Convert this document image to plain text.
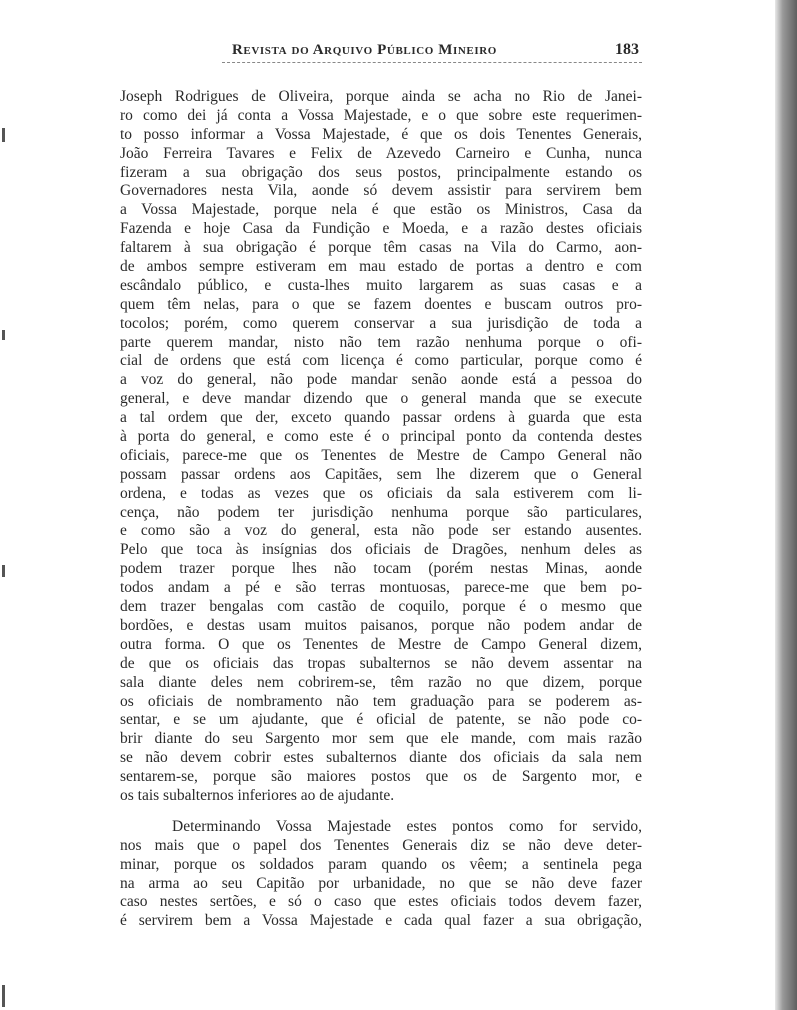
Revista do Arquivo Público Mineiro	183
Joseph Rodrigues de Oliveira, porque ainda se acha no Rio de Janei-
ro como dei já conta a Vossa Majestade, e o que sobre este requerimen-
to posso informar a Vossa Majestade, é que os dois Tenentes Generais,
João Ferreira Tavares e Felix de Azevedo Carneiro e Cunha, nunca
fizeram a sua obrigação dos seus postos, principalmente estando os
Governadores nesta Vila, aonde só devem assistir para servirem bem
a Vossa Majestade, porque nela é que estão os Ministros, Casa da
Fazenda e hoje Casa da Fundição e Moeda, e a razão destes oficiais
faltarem à sua obrigação é porque têm casas na Vila do Carmo, aon-
de ambos sempre estiveram em mau estado de portas a dentro e com
escândalo público, e custa-lhes muito largarem as suas casas e a
quem têm nelas, para o que se fazem doentes e buscam outros pro-
tocolos; porém, como querem conservar a sua jurisdição de toda a
parte querem mandar, nisto não tem razão nenhuma porque o ofi-
cial de ordens que está com licença é como particular, porque como é
a voz do general, não pode mandar senão aonde está a pessoa do
general, e deve mandar dizendo que o general manda que se execute
a tal ordem que der, exceto quando passar ordens à guarda que esta
à porta do general, e como este é o principal ponto da contenda destes
oficiais, parece-me que os Tenentes de Mestre de Campo General não
possam passar ordens aos Capitães, sem lhe dizerem que o General
ordena, e todas as vezes que os oficiais da sala estiverem com li-
cença, não podem ter jurisdição nenhuma porque são particulares,
e como são a voz do general, esta não pode ser estando ausentes.
Pelo que toca às insígnias dos oficiais de Dragões, nenhum deles as
podem trazer porque lhes não tocam (porém nestas Minas, aonde
todos andam a pé e são terras montuosas, parece-me que bem po-
dem trazer bengalas com castão de coquilo, porque é o mesmo que
bordões, e destas usam muitos paisanos, porque não podem andar de
outra forma. O que os Tenentes de Mestre de Campo General dizem,
de que os oficiais das tropas subalternos se não devem assentar na
sala diante deles nem cobrirem-se, têm razão no que dizem, porque
os oficiais de nombramento não tem graduação para se poderem as-
sentar, e se um ajudante, que é oficial de patente, se não pode co-
brir diante do seu Sargento mor sem que ele mande, com mais razão
se não devem cobrir estes subalternos diante dos oficiais da sala nem
sentarem-se, porque são maiores postos que os de Sargento mor, e
os tais subalternos inferiores ao de ajudante.
Determinando Vossa Majestade estes pontos como for servido,
nos mais que o papel dos Tenentes Generais diz se não deve deter-
minar, porque os soldados param quando os vêem; a sentinela pega
na arma ao seu Capitão por urbanidade, no que se não deve fazer
caso nestes sertões, e só o caso que estes oficiais todos devem fazer,
é servirem bem a Vossa Majestade e cada qual fazer a sua obrigação,
